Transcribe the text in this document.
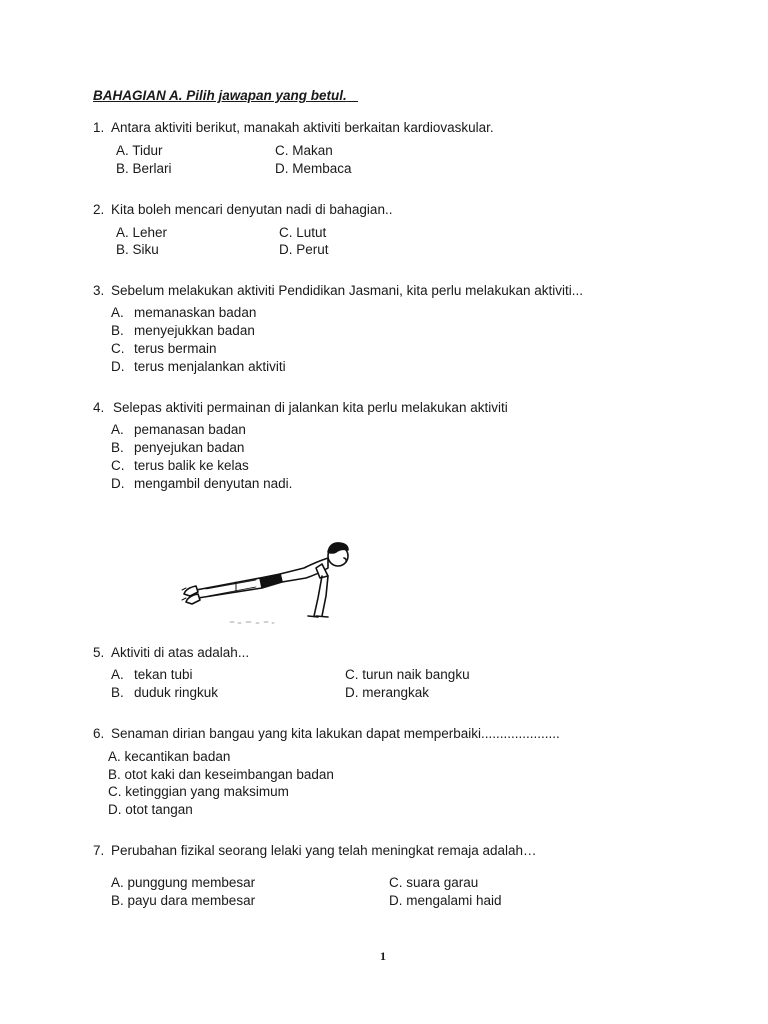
BAHAGIAN A. Pilih jawapan yang betul.
1. Antara aktiviti berikut, manakah aktiviti berkaitan kardiovaskular.
A. Tidur
B. Berlari
C. Makan
D. Membaca
2. Kita boleh mencari denyutan nadi di bahagian..
A. Leher
B. Siku
C. Lutut
D. Perut
3. Sebelum melakukan aktiviti Pendidikan Jasmani, kita perlu melakukan aktiviti...
A. memanaskan badan
B. menyejukkan badan
C. terus bermain
D. terus menjalankan aktiviti
4. Selepas aktiviti permainan di jalankan kita perlu melakukan aktiviti
A. pemanasan badan
B. penyejukan badan
C. terus balik ke kelas
D. mengambil denyutan nadi.
5. Aktiviti di atas adalah...
A. tekan tubi
B. duduk ringkuk
C. turun naik bangku
D. merangkak
6. Senaman dirian bangau yang kita lakukan dapat memperbaiki.....................
A. kecantikan badan
B. otot kaki dan keseimbangan badan
C. ketinggian yang maksimum
D. otot tangan
7. Perubahan fizikal seorang lelaki yang telah meningkat remaja adalah…
A. punggung membesar
B. payu dara membesar
C. suara garau
D. mengalami haid
1
